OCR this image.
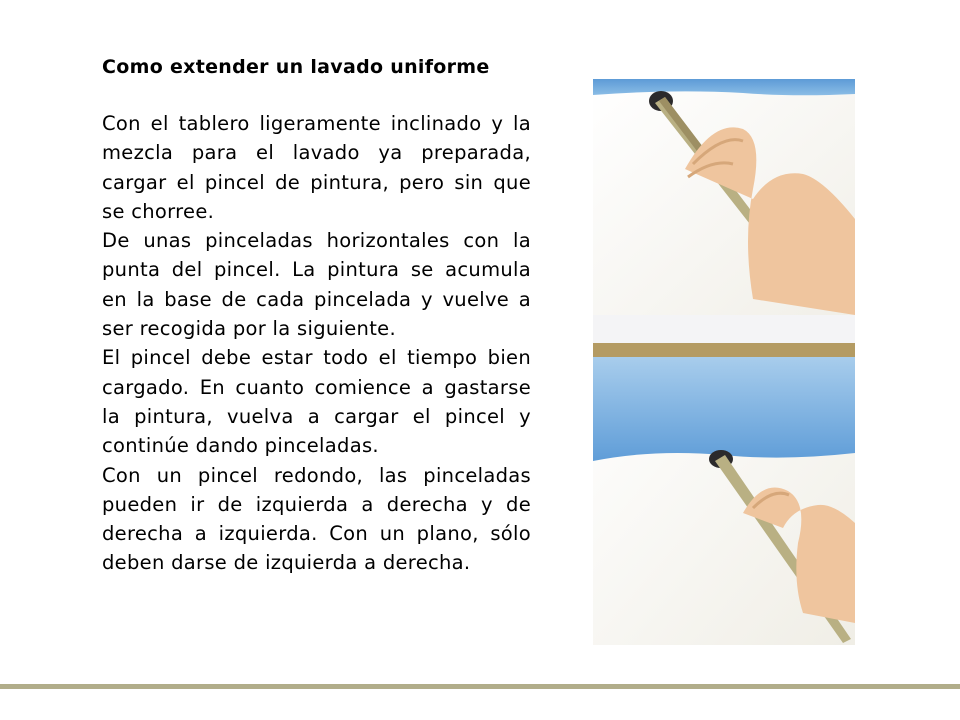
Como extender un lavado uniforme

Con el tablero ligeramente inclinado y la mezcla para el lavado ya preparada, cargar el pincel de pintura, pero sin que se chorree.

De unas pinceladas horizontales con la punta del pincel. La pintura se acumula en la base de cada pincelada y vuelve a ser recogida por la siguiente.

El pincel debe estar todo el tiempo bien cargado. En cuanto comience a gastarse la pintura, vuelva a cargar el pincel y continúe dando pinceladas.

Con un pincel redondo, las pinceladas pueden ir de izquierda a derecha y de derecha a izquierda. Con un plano, sólo deben darse de izquierda a derecha.
